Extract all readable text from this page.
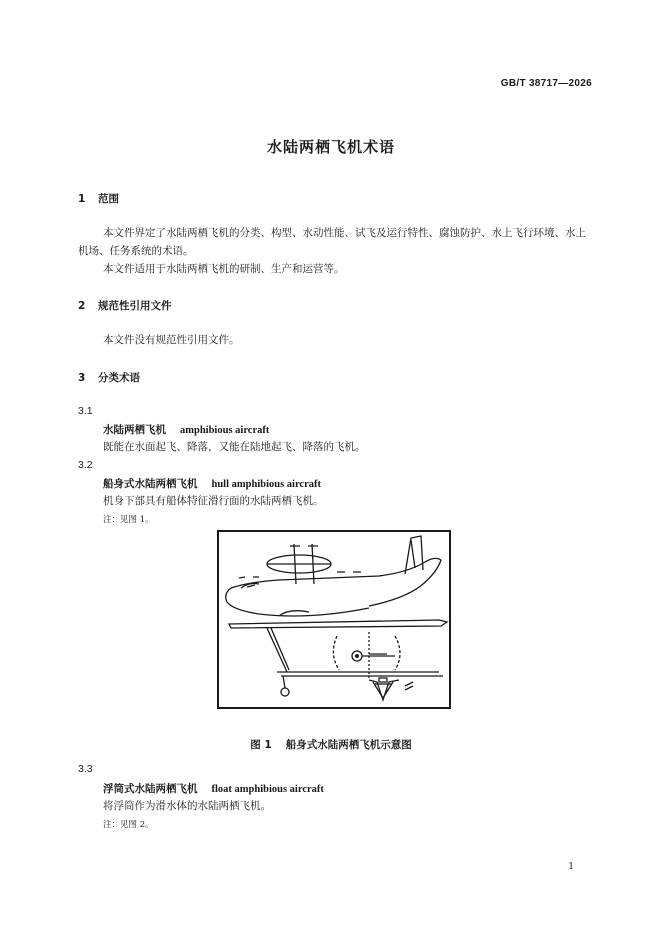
GB/T 38717—2026
水陆两栖飞机术语
1 范围
本文件界定了水陆两栖飞机的分类、构型、水动性能、试飞及运行特性、腐蚀防护、水上飞行环境、水上机场、任务系统的术语。
本文件适用于水陆两栖飞机的研制、生产和运营等。
2 规范性引用文件
本文件没有规范性引用文件。
3 分类术语
3.1
水陆两栖飞机 amphibious aircraft
既能在水面起飞、降落，又能在陆地起飞、降落的飞机。
3.2
船身式水陆两栖飞机 hull amphibious aircraft
机身下部具有船体特征滑行面的水陆两栖飞机。
注：见图 1。
图 1 船身式水陆两栖飞机示意图
3.3
浮筒式水陆两栖飞机 float amphibious aircraft
将浮筒作为滑水体的水陆两栖飞机。
注：见图 2。
1
